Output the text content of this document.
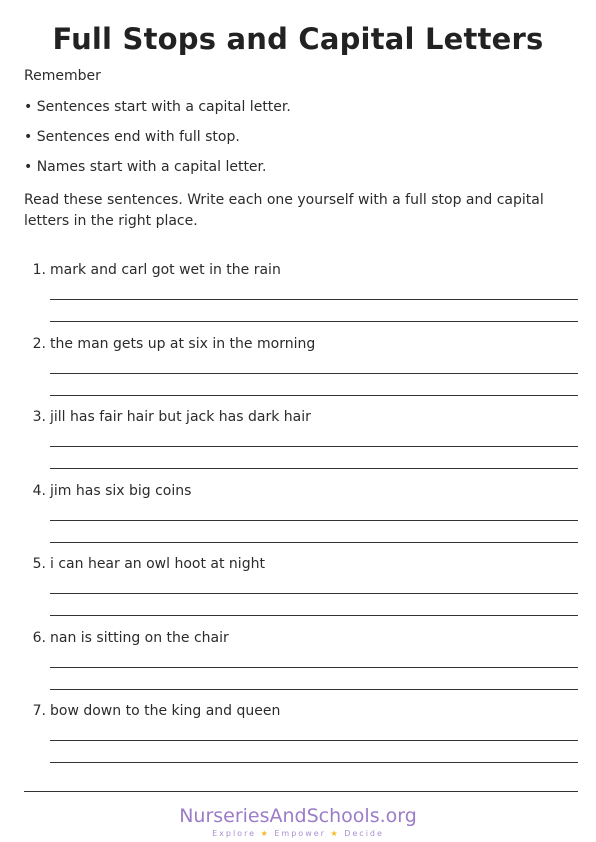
Full Stops and Capital Letters
Remember
• Sentences start with a capital letter.
• Sentences end with full stop.
• Names start with a capital letter.

Read these sentences. Write each one yourself with a full stop and capital letters in the right place.

1. mark and carl got wet in the rain
2. the man gets up at six in the morning
3. jill has fair hair but jack has dark hair
4. jim has six big coins
5. i can hear an owl hoot at night
6. nan is sitting on the chair
7. bow down to the king and queen
NurseriesAndSchools.org
Explore ★ Empower ★ Decide
